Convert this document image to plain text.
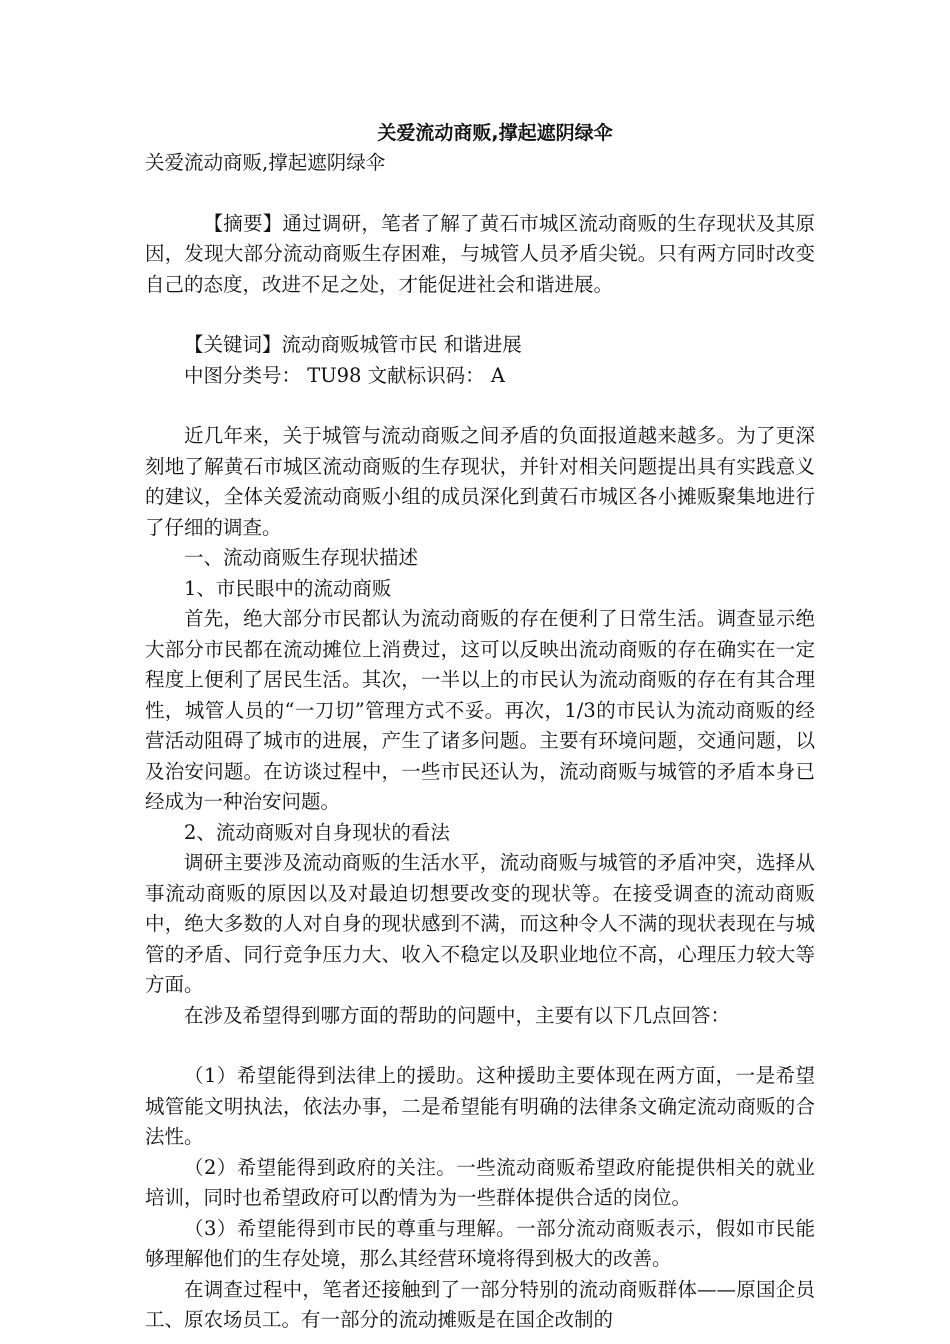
关爱流动商贩,撑起遮阴绿伞

关爱流动商贩,撑起遮阴绿伞

【摘要】通过调研，笔者了解了黄石市城区流动商贩的生存现状及其原因，发现大部分流动商贩生存困难，与城管人员矛盾尖锐。只有两方同时改变自己的态度，改进不足之处，才能促进社会和谐进展。

【关键词】流动商贩城管市民 和谐进展

中图分类号： TU98 文献标识码： A

近几年来，关于城管与流动商贩之间矛盾的负面报道越来越多。为了更深刻地了解黄石市城区流动商贩的生存现状，并针对相关问题提出具有实践意义的建议，全体关爱流动商贩小组的成员深化到黄石市城区各小摊贩聚集地进行了仔细的调查。

一、流动商贩生存现状描述

1、市民眼中的流动商贩

首先，绝大部分市民都认为流动商贩的存在便利了日常生活。调查显示绝大部分市民都在流动摊位上消费过，这可以反映出流动商贩的存在确实在一定程度上便利了居民生活。其次，一半以上的市民认为流动商贩的存在有其合理性，城管人员的“一刀切”管理方式不妥。再次，1/3的市民认为流动商贩的经营活动阻碍了城市的进展，产生了诸多问题。主要有环境问题，交通问题，以及治安问题。在访谈过程中，一些市民还认为，流动商贩与城管的矛盾本身已经成为一种治安问题。

2、流动商贩对自身现状的看法

调研主要涉及流动商贩的生活水平，流动商贩与城管的矛盾冲突，选择从事流动商贩的原因以及对最迫切想要改变的现状等。在接受调查的流动商贩中，绝大多数的人对自身的现状感到不满，而这种令人不满的现状表现在与城管的矛盾、同行竞争压力大、收入不稳定以及职业地位不高，心理压力较大等方面。

在涉及希望得到哪方面的帮助的问题中，主要有以下几点回答：

（1）希望能得到法律上的援助。这种援助主要体现在两方面，一是希望城管能文明执法，依法办事，二是希望能有明确的法律条文确定流动商贩的合法性。

（2）希望能得到政府的关注。一些流动商贩希望政府能提供相关的就业培训，同时也希望政府可以酌情为为一些群体提供合适的岗位。

（3）希望能得到市民的尊重与理解。一部分流动商贩表示，假如市民能够理解他们的生存处境，那么其经营环境将得到极大的改善。

在调查过程中，笔者还接触到了一部分特别的流动商贩群体——原国企员工、原农场员工。有一部分的流动摊贩是在国企改制的
